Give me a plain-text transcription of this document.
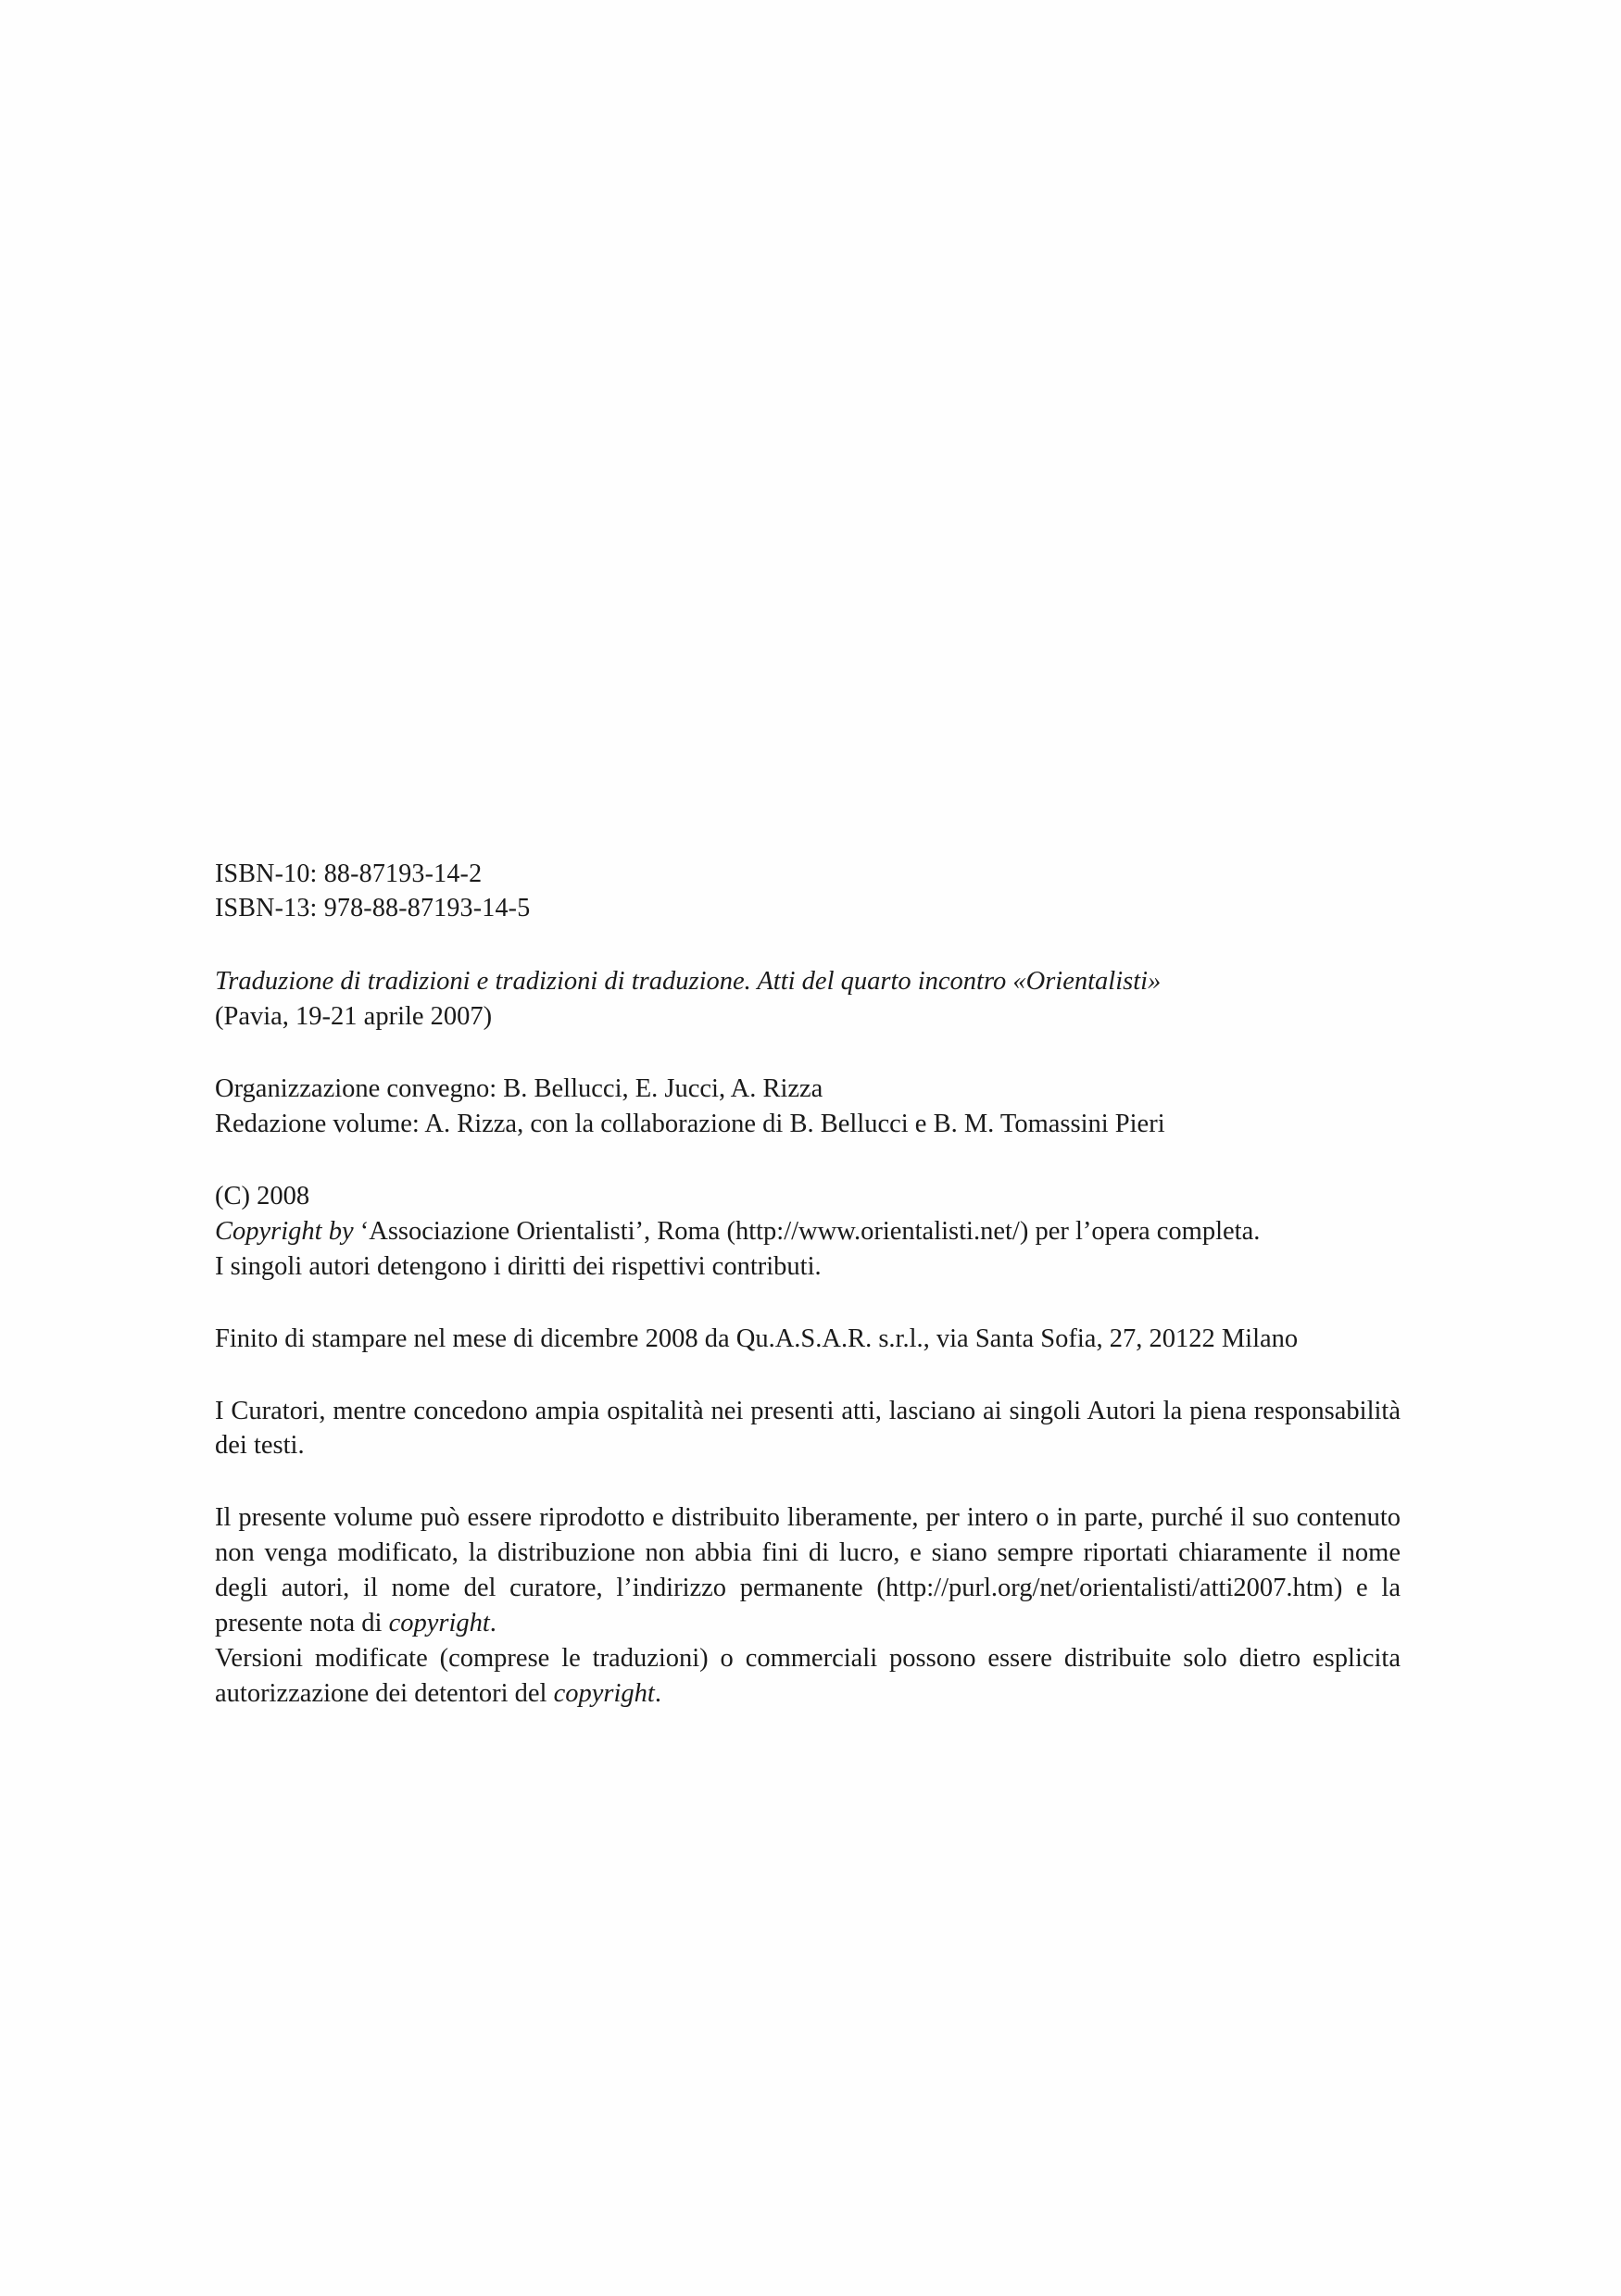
ISBN-10: 88-87193-14-2
ISBN-13: 978-88-87193-14-5
Traduzione di tradizioni e tradizioni di traduzione. Atti del quarto incontro «Orientalisti»
(Pavia, 19-21 aprile 2007)
Organizzazione convegno: B. Bellucci, E. Jucci, A. Rizza
Redazione volume: A. Rizza, con la collaborazione di B. Bellucci e B. M. Tomassini Pieri
(C) 2008
Copyright by ‘Associazione Orientalisti’, Roma (http://www.orientalisti.net/) per l’opera completa.
I singoli autori detengono i diritti dei rispettivi contributi.
Finito di stampare nel mese di dicembre 2008 da Qu.A.S.A.R. s.r.l., via Santa Sofia, 27, 20122 Milano
I Curatori, mentre concedono ampia ospitalità nei presenti atti, lasciano ai singoli Autori la piena responsabilità dei testi.
Il presente volume può essere riprodotto e distribuito liberamente, per intero o in parte, purché il suo contenuto non venga modificato, la distribuzione non abbia fini di lucro, e siano sempre riportati chiaramente il nome degli autori, il nome del curatore, l’indirizzo permanente (http://purl.org/net/orientalisti/atti2007.htm) e la presente nota di copyright.
Versioni modificate (comprese le traduzioni) o commerciali possono essere distribuite solo dietro esplicita autorizzazione dei detentori del copyright.
